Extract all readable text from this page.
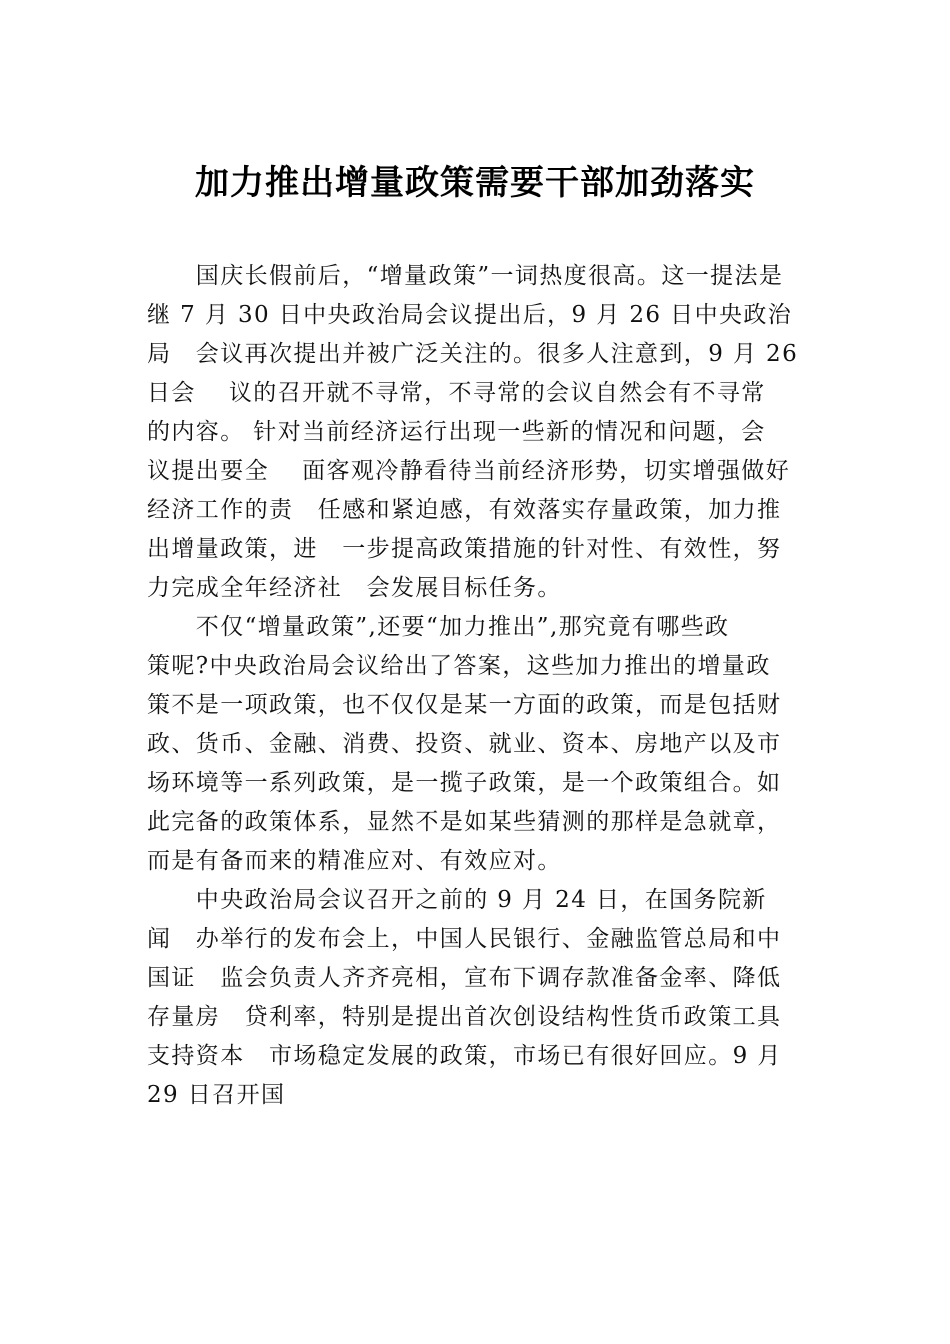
加力推出增量政策需要干部加劲落实
　　国庆长假前后，“增量政策”一词热度很高。这一提法是
继 7 月 30 日中央政治局会议提出后，9 月 26 日中央政治
局　会议再次提出并被广泛关注的。很多人注意到，9 月 26
日会　 议的召开就不寻常，不寻常的会议自然会有不寻常
的内容。 针对当前经济运行出现一些新的情况和问题，会
议提出要全　 面客观冷静看待当前经济形势，切实增强做好
经济工作的责　任感和紧迫感，有效落实存量政策，加力推
出增量政策，进　一步提高政策措施的针对性、有效性，努
力完成全年经济社　会发展目标任务。
　　不仅“增量政策”,还要“加力推出”,那究竟有哪些政
策呢?中央政治局会议给出了答案，这些加力推出的增量政
策不是一项政策，也不仅仅是某一方面的政策，而是包括财
政、货币、金融、消费、投资、就业、资本、房地产以及市
场环境等一系列政策，是一揽子政策，是一个政策组合。如
此完备的政策体系，显然不是如某些猜测的那样是急就章，
而是有备而来的精准应对、有效应对。
　　中央政治局会议召开之前的 9 月 24 日，在国务院新
闻　办举行的发布会上，中国人民银行、金融监管总局和中
国证　监会负责人齐齐亮相，宣布下调存款准备金率、降低
存量房　贷利率，特别是提出首次创设结构性货币政策工具
支持资本　市场稳定发展的政策，市场已有很好回应。9 月
29 日召开国
